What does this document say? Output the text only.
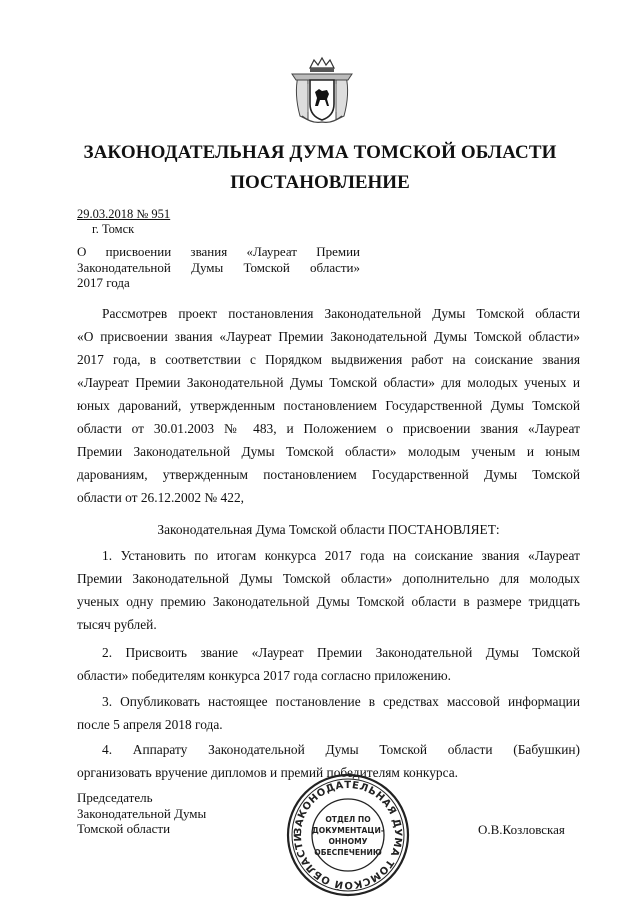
ЗАКОНОДАТЕЛЬНАЯ ДУМА ТОМСКОЙ ОБЛАСТИ
ПОСТАНОВЛЕНИЕ
29.03.2018 № 951
г. Томск
О присвоении звания «Лауреат Премии
Законодательной Думы Томской области»
2017 года
Рассмотрев проект постановления Законодательной Думы Томской области
«О присвоении звания «Лауреат Премии Законодательной Думы Томской области»
2017 года, в соответствии с Порядком выдвижения работ на соискание звания
«Лауреат Премии Законодательной Думы Томской области» для молодых ученых и
юных дарований, утвержденным постановлением Государственной Думы Томской
области от 30.01.2003 № 483, и Положением о присвоении звания «Лауреат
Премии Законодательной Думы Томской области» молодым ученым и юным
дарованиям, утвержденным постановлением Государственной Думы Томской
области от 26.12.2002 № 422,
Законодательная Дума Томской области ПОСТАНОВЛЯЕТ:
1. Установить по итогам конкурса 2017 года на соискание звания «Лауреат
Премии Законодательной Думы Томской области» дополнительно для молодых
ученых одну премию Законодательной Думы Томской области в размере тридцать
тысяч рублей.
2. Присвоить звание «Лауреат Премии Законодательной Думы Томской
области» победителям конкурса 2017 года согласно приложению.
3. Опубликовать настоящее постановление в средствах массовой информации
после 5 апреля 2018 года.
4. Аппарату Законодательной Думы Томской области (Бабушкин)
организовать вручение дипломов и премий победителям конкурса.
Председатель
Законодательной Думы
Томской области	О.В.Козловская
ЗАКОНОДАТЕЛЬНАЯ ДУМА ТОМСКОЙ ОБЛАСТИ
ОТДЕЛ ПО
ДОКУМЕНТАЦИ-
ОННОМУ
ОБЕСПЕЧЕНИЮ
